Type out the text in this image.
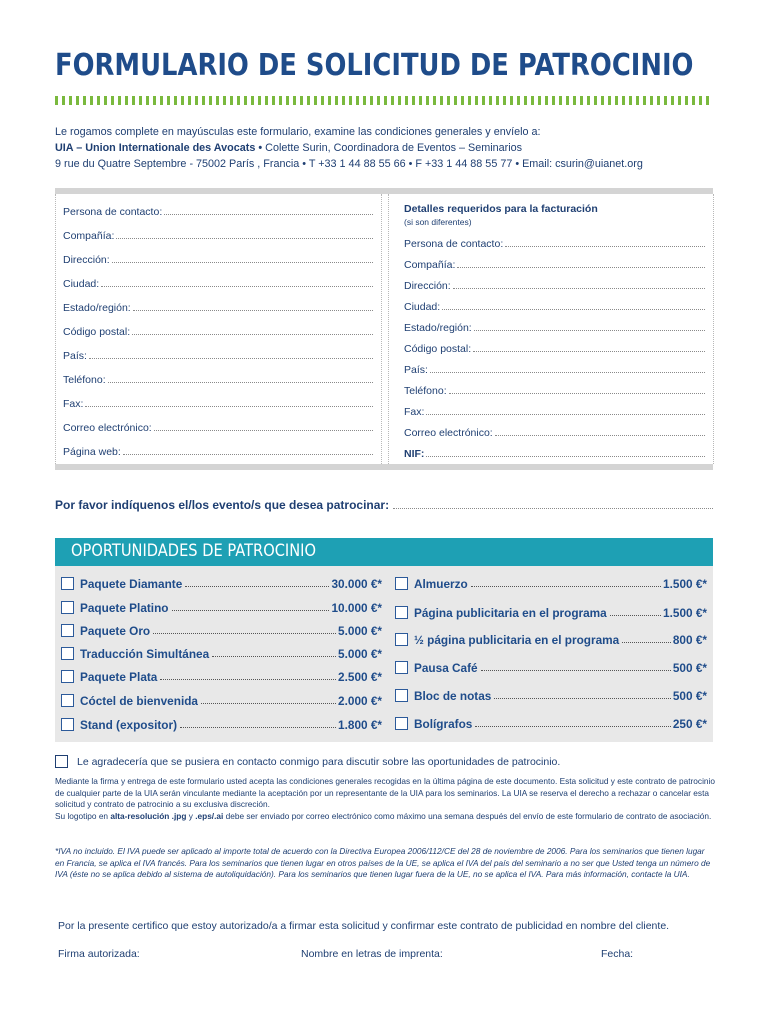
FORMULARIO DE SOLICITUD DE PATROCINIO

Le rogamos complete en mayúsculas este formulario, examine las condiciones generales y envíelo a:

UIA – Union Internationale des Avocats • Colette Surin, Coordinadora de Eventos – Seminarios

9 rue du Quatre Septembre - 75002 París , Francia • T +33 1 44 88 55 66 • F +33 1 44 88 55 77 • Email: csurin@uianet.org

Persona de contacto:
Compañía:
Dirección:
Ciudad:
Estado/región:
Código postal:
País:
Teléfono:
Fax:
Correo electrónico:
Página web:
Detalles requeridos para la facturación
(si son diferentes)
Persona de contacto:
Compañía:
Dirección:
Ciudad:
Estado/región:
Código postal:
País:
Teléfono:
Fax:
Correo electrónico:
NIF:
Por favor indíquenos el/los evento/s que desea patrocinar:
OPORTUNIDADES DE PATROCINIO
Paquete Diamante	30.000 €*
Paquete Platino	10.000 €*
Paquete Oro	5.000 €*
Traducción Simultánea	5.000 €*
Paquete Plata	2.500 €*
Cóctel de bienvenida	2.000 €*
Stand (expositor)	1.800 €*
Almuerzo	1.500 €*
Página publicitaria en el programa	1.500 €*
½ página publicitaria en el programa	800 €*
Pausa Café	500 €*
Bloc de notas	500 €*
Bolígrafos	250 €*
Le agradecería que se pusiera en contacto conmigo para discutir sobre las oportunidades de patrocinio.

Mediante la firma y entrega de este formulario usted acepta las condiciones generales recogidas en la última página de este documento. Esta solicitud y este contrato de patrocinio de cualquier parte de la UIA serán vinculante mediante la aceptación por un representante de la UIA para los seminarios. La UIA se reserva el derecho a rechazar o cancelar esta solicitud y contrato de patrocinio a su exclusiva discreción.

Su logotipo en alta-resolución .jpg y .eps/.ai debe ser enviado por correo electrónico como máximo una semana después del envío de este formulario de contrato de asociación.

*IVA no incluido. El IVA puede ser aplicado al importe total de acuerdo con la Directiva Europea 2006/112/CE del 28 de noviembre de 2006. Para los seminarios que tienen lugar en Francia, se aplica el IVA francés. Para los seminarios que tienen lugar en otros países de la UE, se aplica el IVA del país del seminario a no ser que Usted tenga un número de IVA (éste no se aplica debido al sistema de autoliquidación). Para los seminarios que tienen lugar fuera de la UE, no se aplica el IVA. Para más información, contacte la UIA.
Por la presente certifico que estoy autorizado/a a firmar esta solicitud y confirmar este contrato de publicidad en nombre del cliente.
Firma autorizada:	Nombre en letras de imprenta:	Fecha:
